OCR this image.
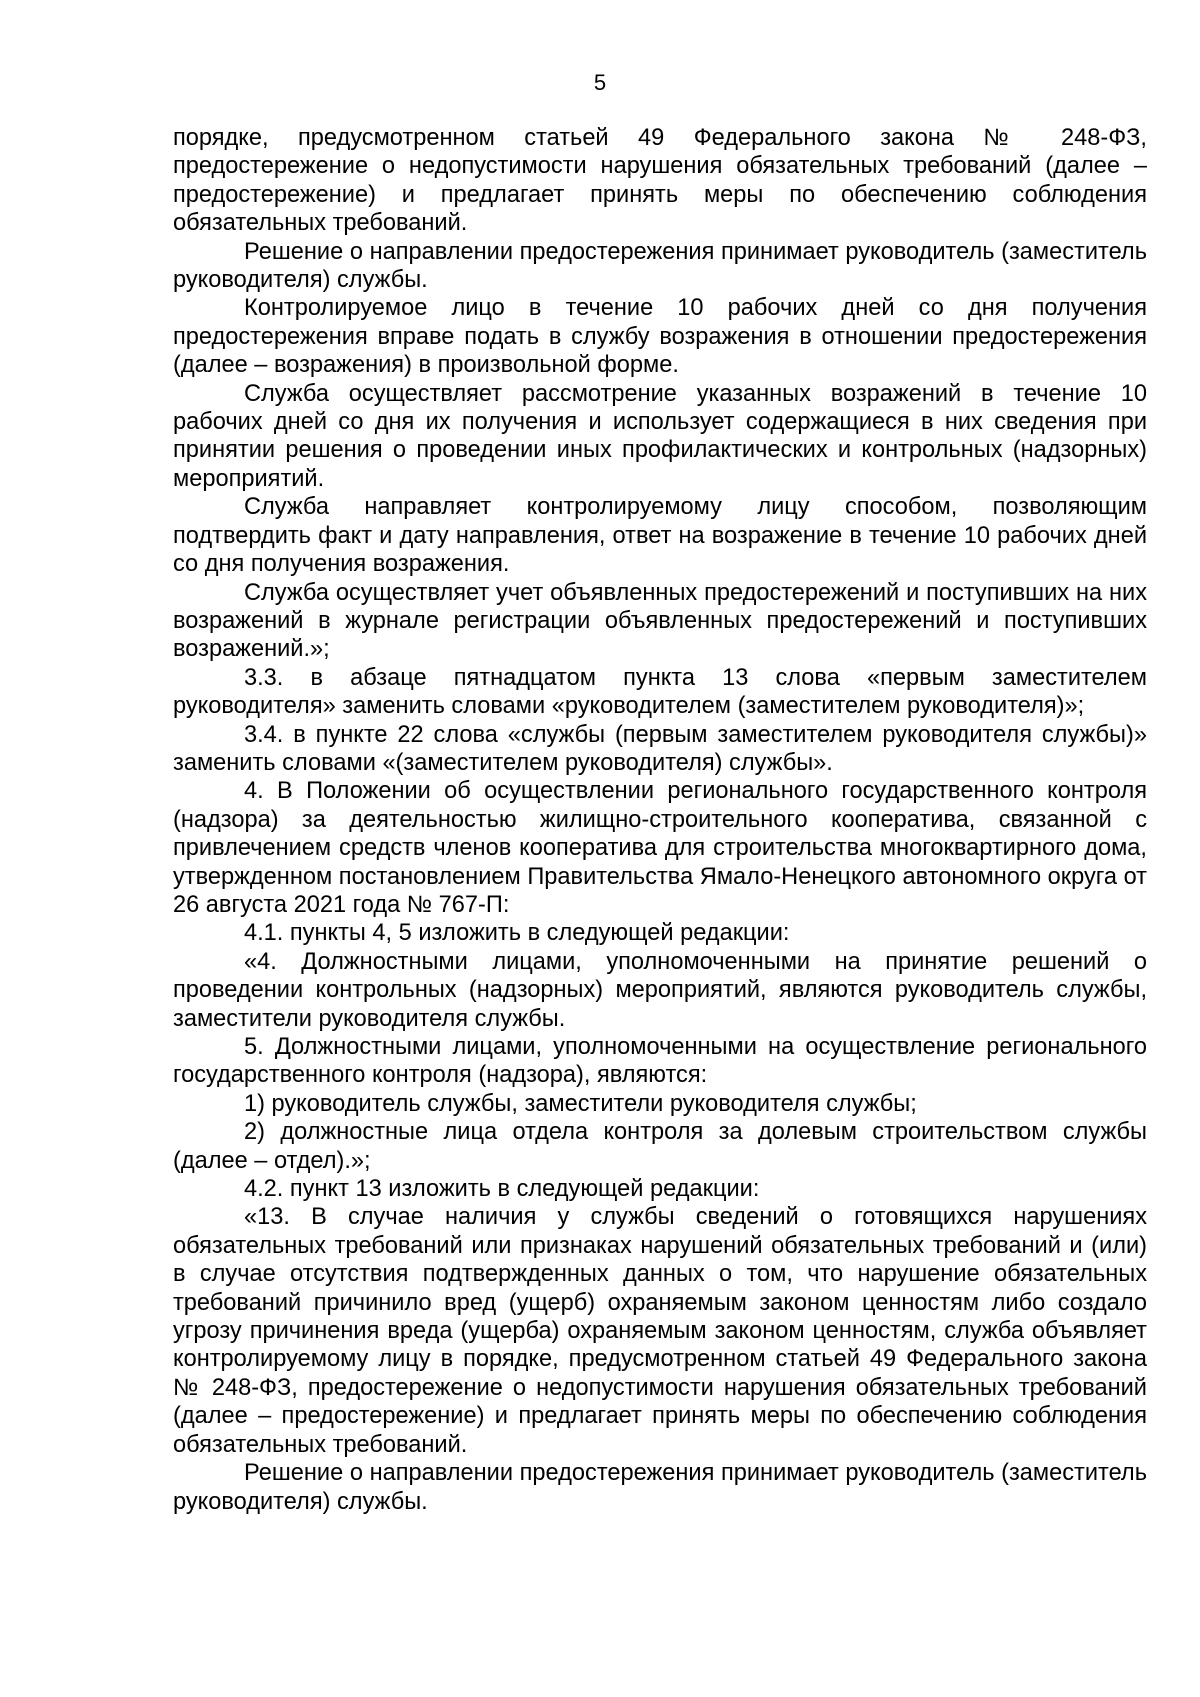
5

порядке, предусмотренном статьей 49 Федерального закона № 248-ФЗ, предостережение о недопустимости нарушения обязательных требований (далее – предостережение) и предлагает принять меры по обеспечению соблюдения обязательных требований.

Решение о направлении предостережения принимает руководитель (заместитель руководителя) службы.

Контролируемое лицо в течение 10 рабочих дней со дня получения предостережения вправе подать в службу возражения в отношении предостережения (далее – возражения) в произвольной форме.

Служба осуществляет рассмотрение указанных возражений в течение 10 рабочих дней со дня их получения и использует содержащиеся в них сведения при принятии решения о проведении иных профилактических и контрольных (надзорных) мероприятий.

Служба направляет контролируемому лицу способом, позволяющим подтвердить факт и дату направления, ответ на возражение в течение 10 рабочих дней со дня получения возражения.

Служба осуществляет учет объявленных предостережений и поступивших на них возражений в журнале регистрации объявленных предостережений и поступивших возражений.»;

3.3. в абзаце пятнадцатом пункта 13 слова «первым заместителем руководителя» заменить словами «руководителем (заместителем руководителя)»;

3.4. в пункте 22 слова «службы (первым заместителем руководителя службы)» заменить словами «(заместителем руководителя) службы».

4. В Положении об осуществлении регионального государственного контроля (надзора) за деятельностью жилищно-строительного кооператива, связанной с привлечением средств членов кооператива для строительства многоквартирного дома, утвержденном постановлением Правительства Ямало-Ненецкого автономного округа от 26 августа 2021 года № 767-П:

4.1. пункты 4, 5 изложить в следующей редакции:

«4. Должностными лицами, уполномоченными на принятие решений о проведении контрольных (надзорных) мероприятий, являются руководитель службы, заместители руководителя службы.

5. Должностными лицами, уполномоченными на осуществление регионального государственного контроля (надзора), являются:

1) руководитель службы, заместители руководителя службы;

2) должностные лица отдела контроля за долевым строительством службы (далее – отдел).»;

4.2. пункт 13 изложить в следующей редакции:

«13. В случае наличия у службы сведений о готовящихся нарушениях обязательных требований или признаках нарушений обязательных требований и (или) в случае отсутствия подтвержденных данных о том, что нарушение обязательных требований причинило вред (ущерб) охраняемым законом ценностям либо создало угрозу причинения вреда (ущерба) охраняемым законом ценностям, служба объявляет контролируемому лицу в порядке, предусмотренном статьей 49 Федерального закона № 248-ФЗ, предостережение о недопустимости нарушения обязательных требований (далее – предостережение) и предлагает принять меры по обеспечению соблюдения обязательных требований.

Решение о направлении предостережения принимает руководитель (заместитель руководителя) службы.
